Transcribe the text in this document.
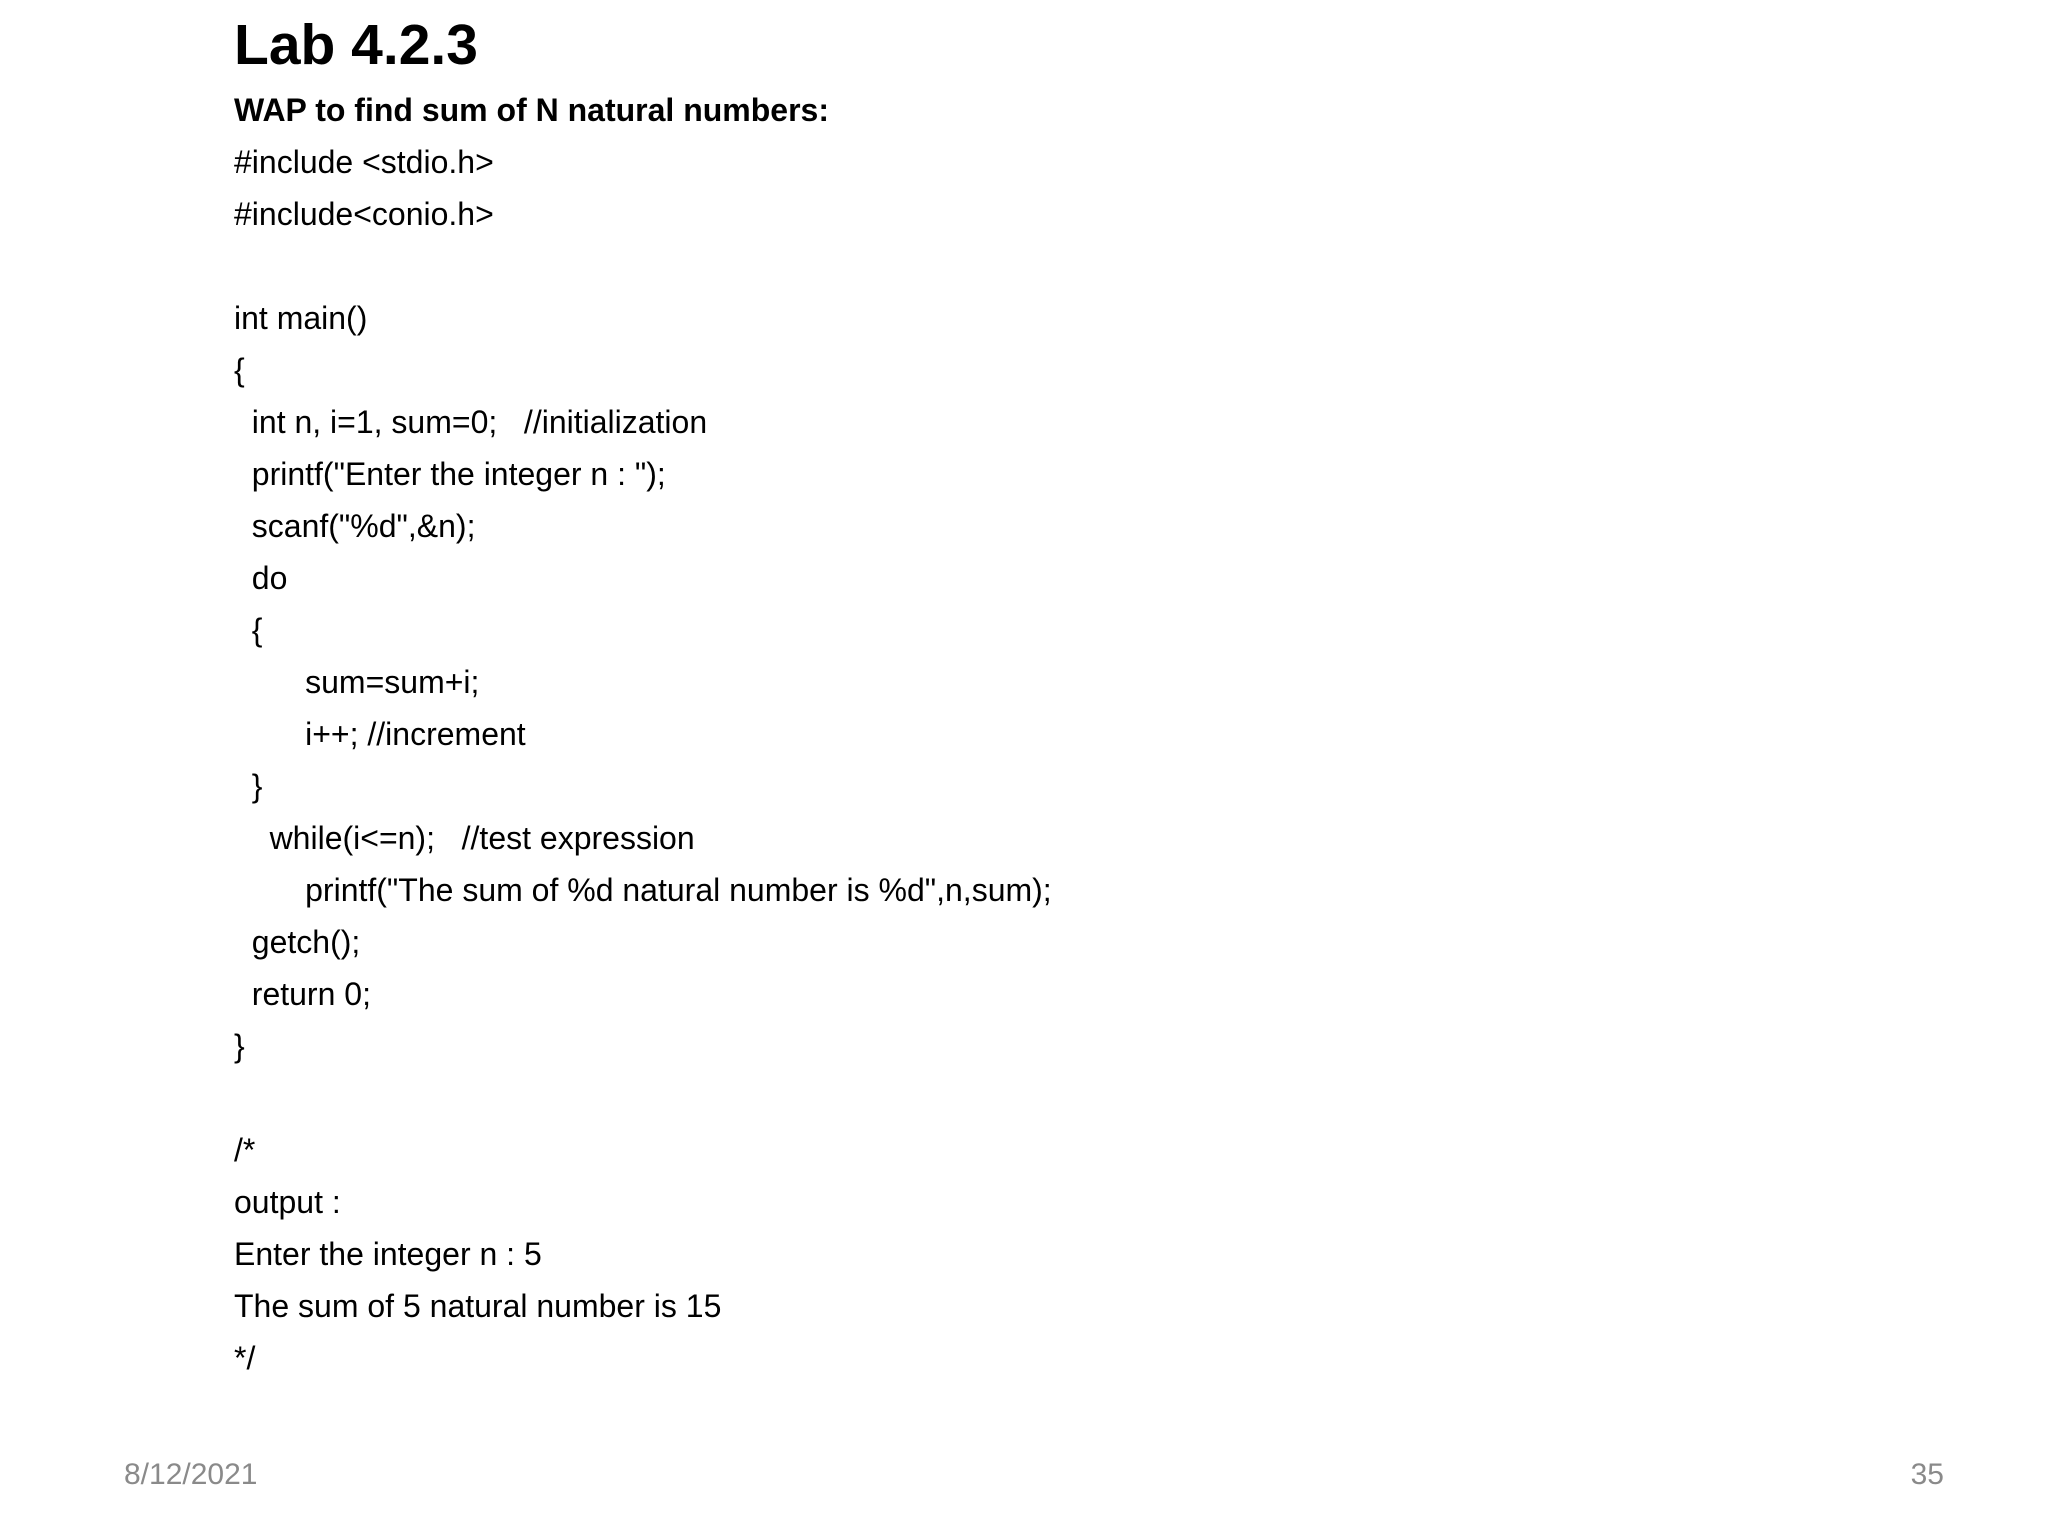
Lab 4.2.3
WAP to find sum of N natural numbers:
#include <stdio.h>
#include<conio.h>
int main()
{
int n, i=1, sum=0;   //initialization
printf("Enter the integer n : ");
scanf("%d",&n);
do
{
sum=sum+i;
i++; //increment
}
while(i<=n);   //test expression
printf("The sum of %d natural number is %d",n,sum);
getch();
return 0;
}
/*
output :
Enter the integer n : 5
The sum of 5 natural number is 15
*/
8/12/2021	35
